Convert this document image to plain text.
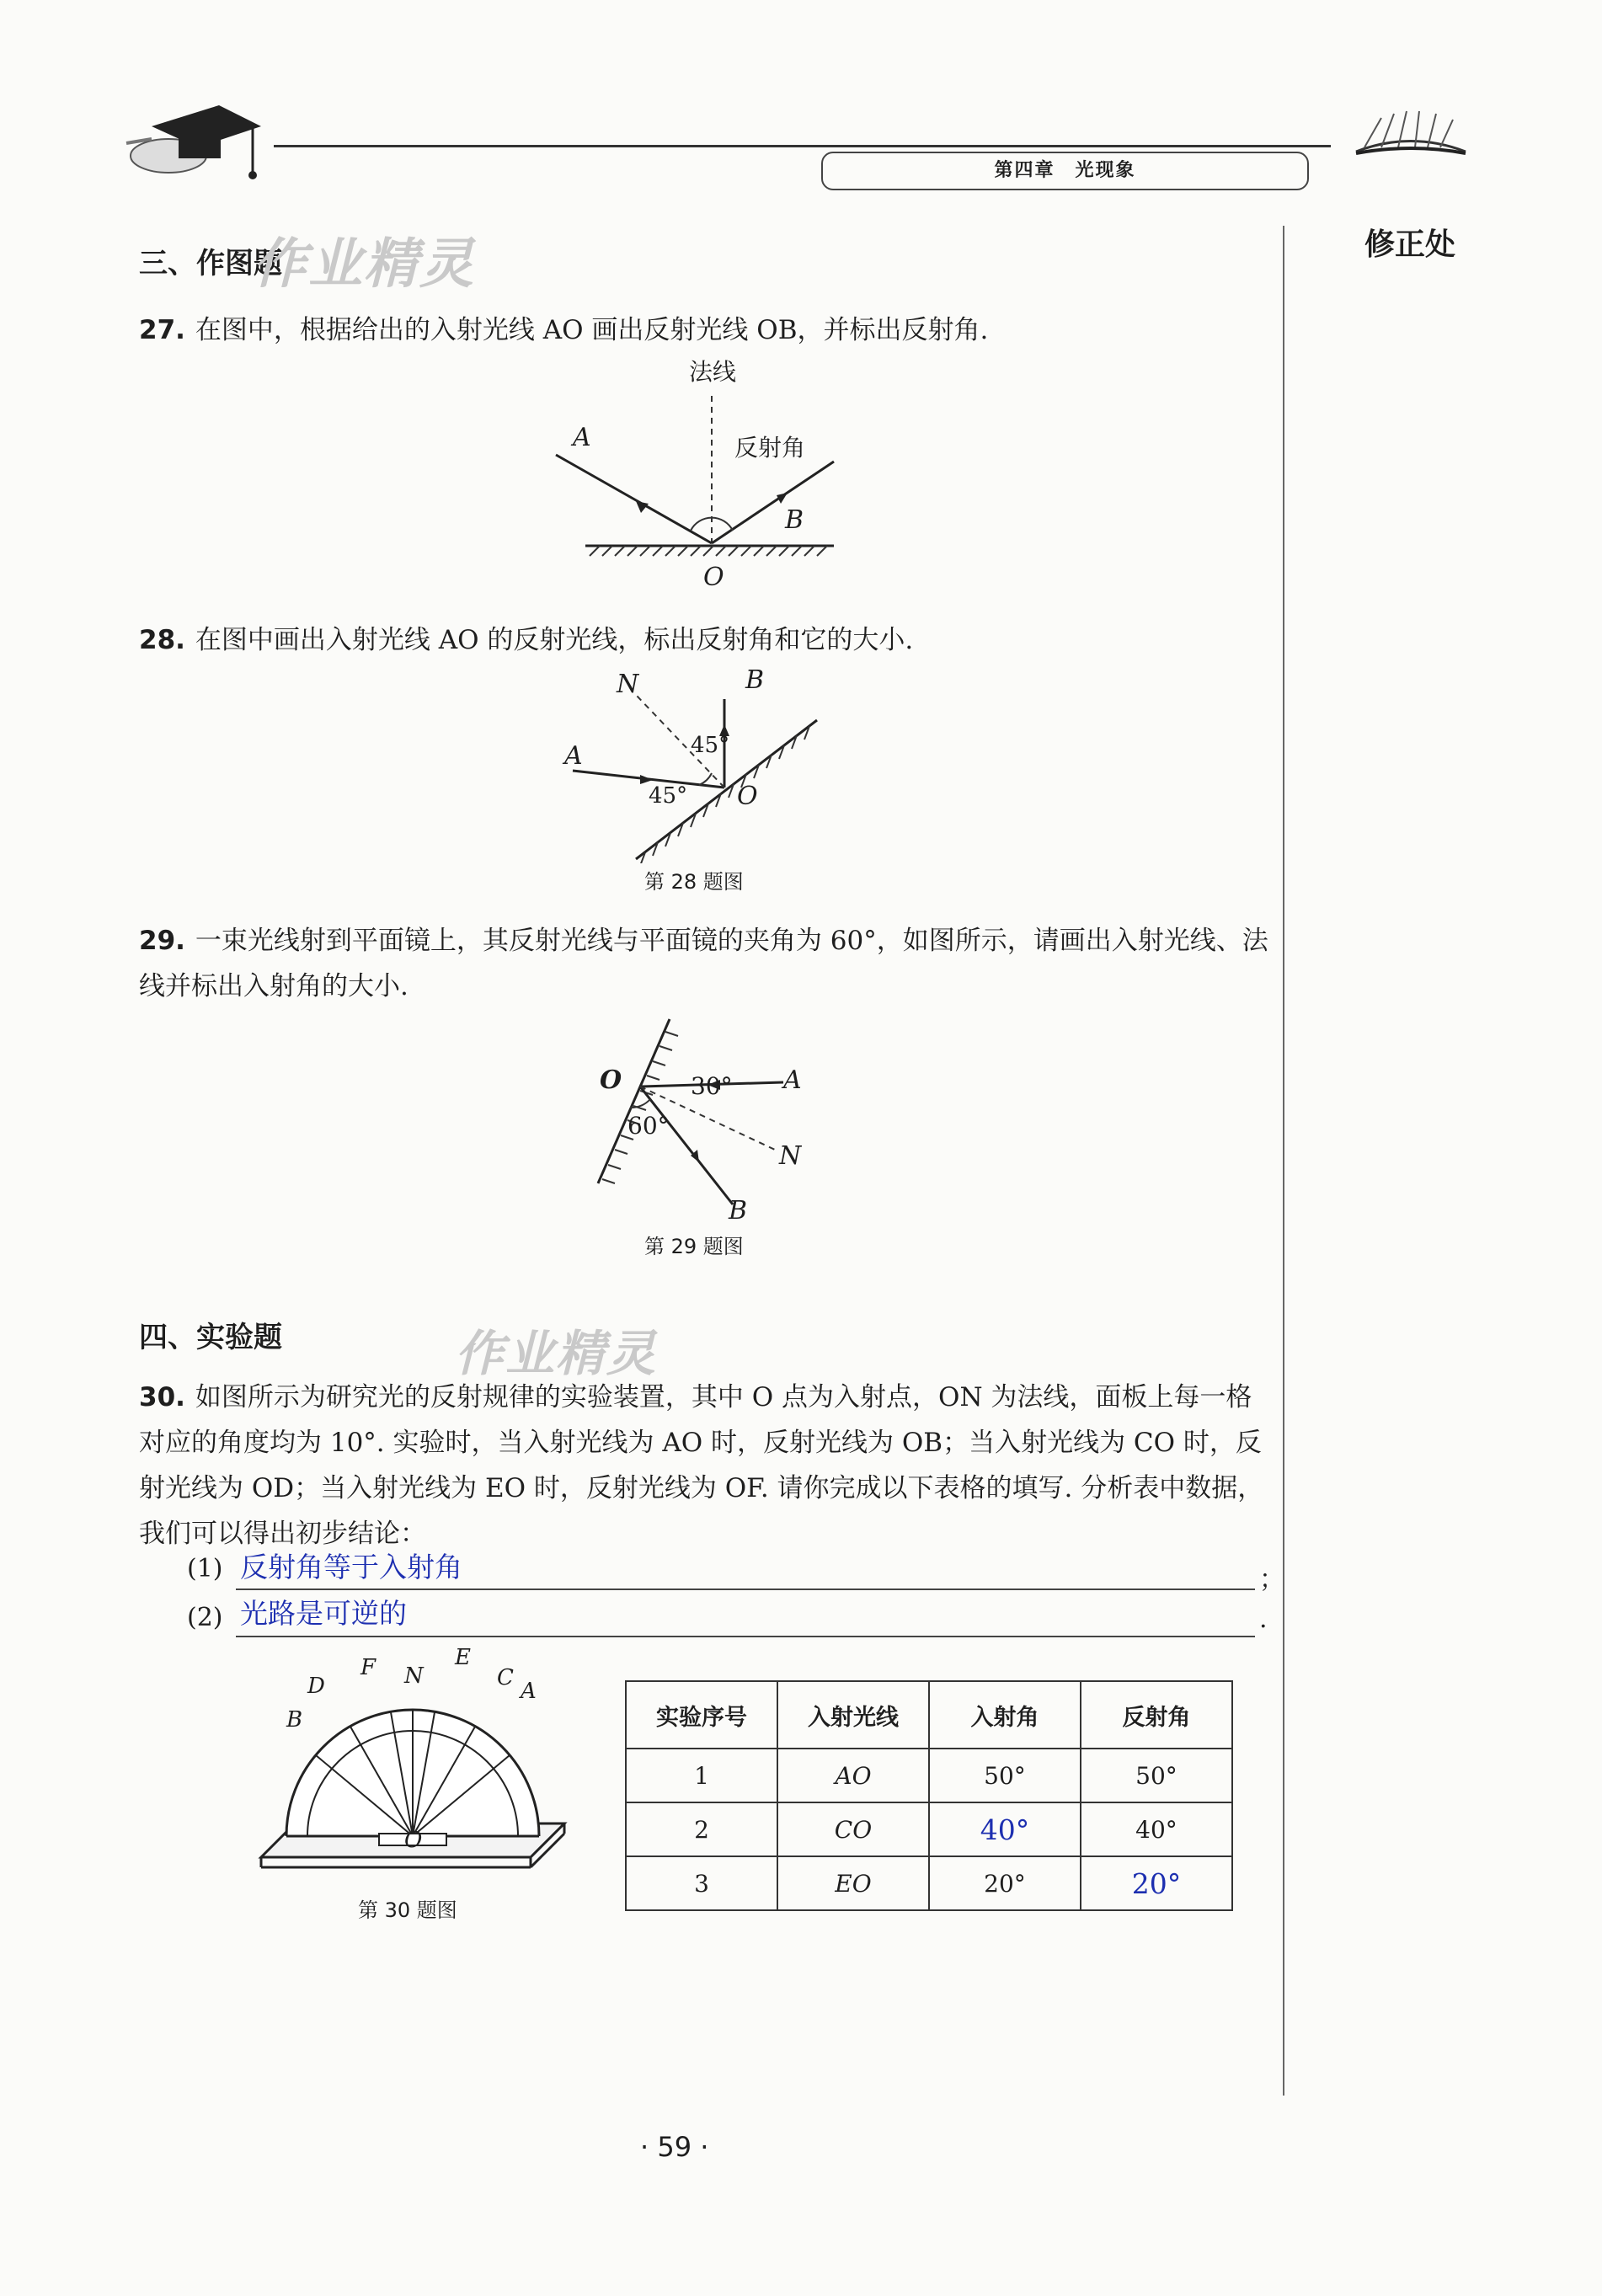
第四章　光现象
修正处
三、作图题
作业精灵
27. 在图中，根据给出的入射光线 AO 画出反射光线 OB，并标出反射角.
法线
反射角
A
B
O
28. 在图中画出入射光线 AO 的反射光线，标出反射角和它的大小.
N	B
A
O
45°
45°
第 28 题图
29. 一束光线射到平面镜上，其反射光线与平面镜的夹角为 60°，如图所示，请画出入射光线、法线并标出入射角的大小.
O	A
N
B
30°
60°
第 29 题图
四、实验题	作业精灵
30. 如图所示为研究光的反射规律的实验装置，其中 O 点为入射点，ON 为法线，面板上每一格对应的角度均为 10°. 实验时，当入射光线为 AO 时，反射光线为 OB；当入射光线为 CO 时，反射光线为 OD；当入射光线为 EO 时，反射光线为 OF. 请你完成以下表格的填写. 分析表中数据，我们可以得出初步结论：
(1) 反射角等于入射角	；
(2) 光路是可逆的	.
D
F N
E
C
A
B
O
第 30 题图
实验序号	入射光线	入射角	反射角
1	AO	50°	50°
2	CO	40°	40°
3	EO	20°	20°
· 59 ·
